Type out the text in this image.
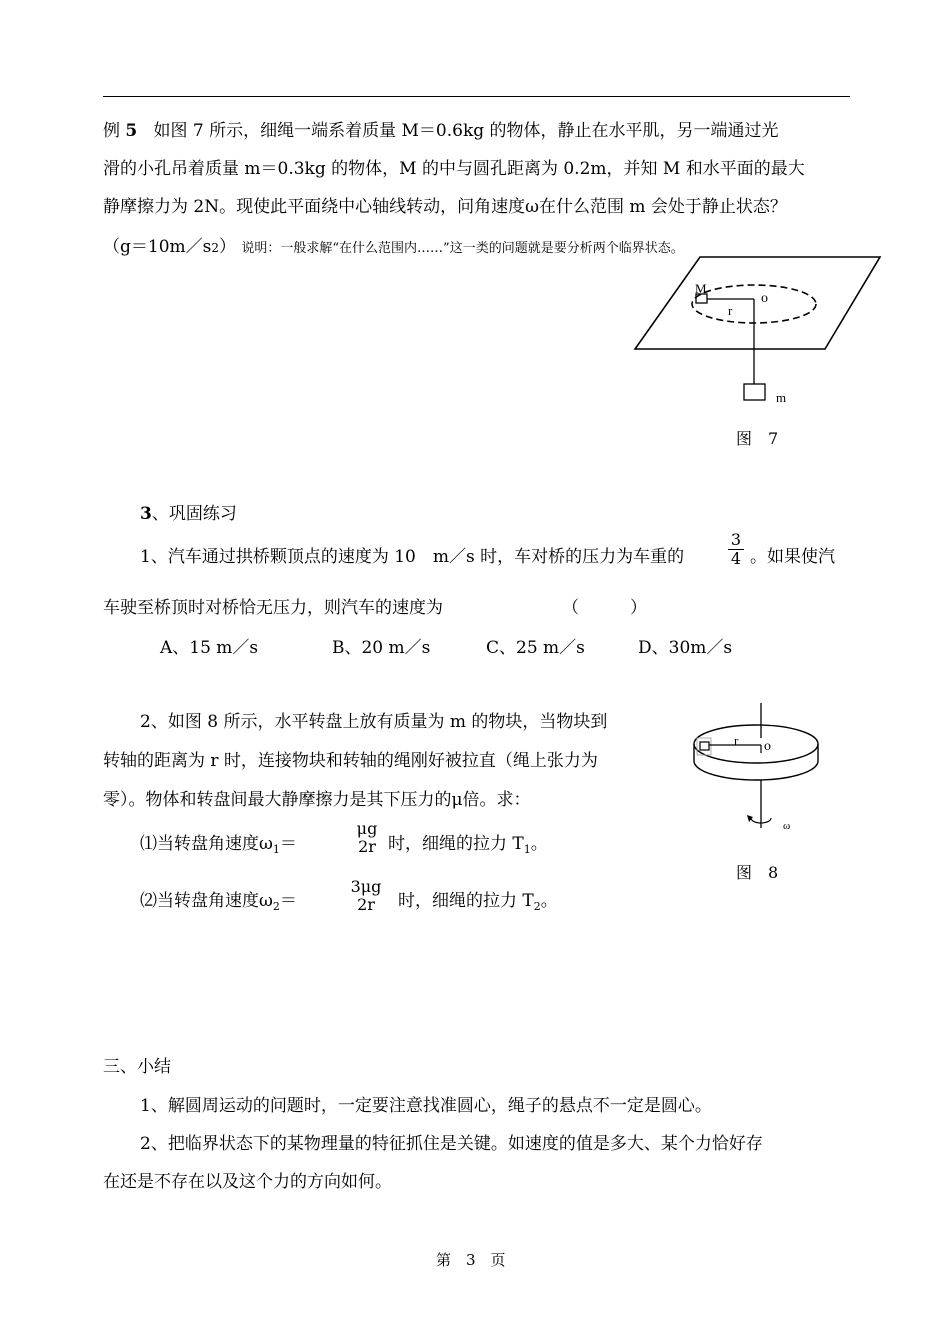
例 5 如图 7 所示，细绳一端系着质量 M＝0.6kg 的物体，静止在水平肌，另一端通过光
滑的小孔吊着质量 m＝0.3kg 的物体，M 的中与圆孔距离为 0.2m，并知 M 和水平面的最大
静摩擦力为 2N。现使此平面绕中心轴线转动，问角速度ω在什么范围 m 会处于静止状态？
（g＝10m／s2） 说明：一般求解“在什么范围内……”这一类的问题就是要分析两个临界状态。
M
o
r
m
图　7
3、巩固练习
1、汽车通过拱桥颗顶点的速度为 10　m／s 时，车对桥的压力为车重的	$\frac{3}{4}$ 。如果使汽
车驶至桥顶时对桥恰无压力，则汽车的速度为	（　　　）
A、15 m／s	B、20 m／s	C、25 m／s	D、30m／s
2、如图 8 所示，水平转盘上放有质量为 m 的物块，当物块到
转轴的距离为 r 时，连接物块和转轴的绳刚好被拉直（绳上张力为
零）。物体和转盘间最大静摩擦力是其下压力的μ倍。求：
⑴当转盘角速度$\omega_1=$
μg
2r 时，细绳的拉力 $T_1$。
⑵当转盘角速度$\omega_2=$
3μg
2r	时，细绳的拉力 $T_2$。
r o
ω
图　8
三、小结
1、解圆周运动的问题时，一定要注意找准圆心，绳子的悬点不一定是圆心。
2、把临界状态下的某物理量的特征抓住是关键。如速度的值是多大、某个力恰好存
在还是不存在以及这个力的方向如何。
第　3　页
